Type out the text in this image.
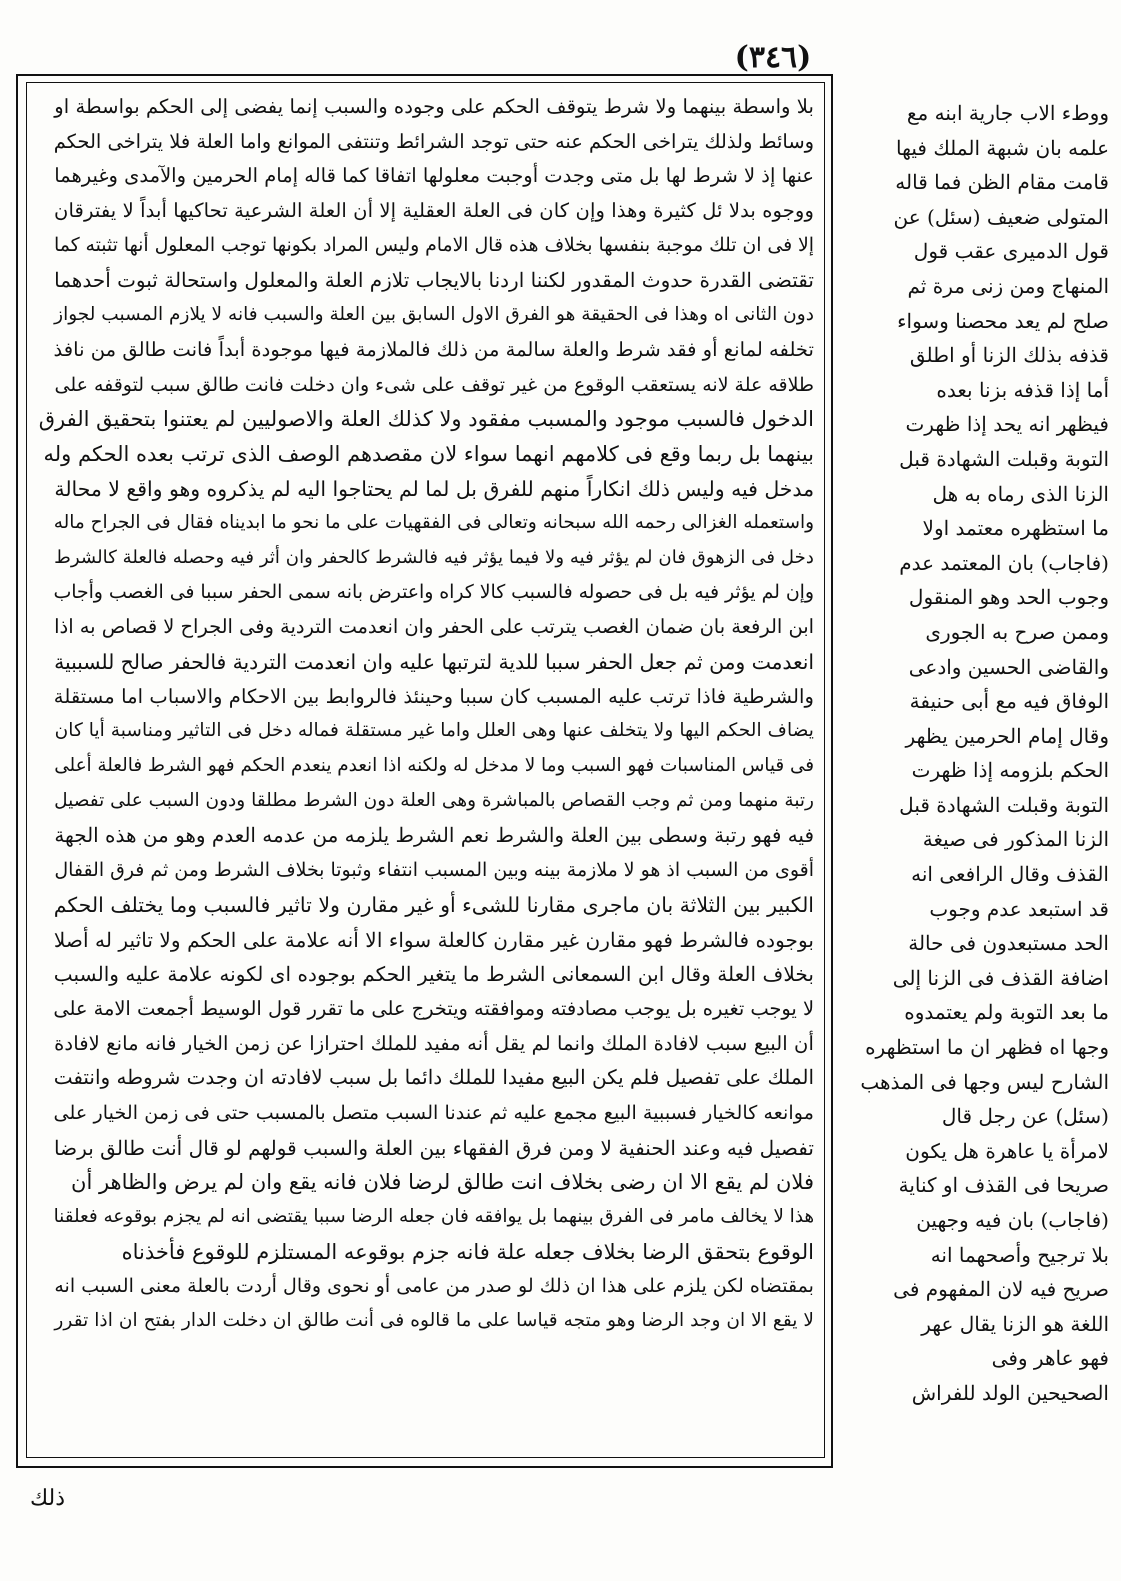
(٣٤٦)
بلا واسطة بينهما ولا شرط يتوقف الحكم على وجوده والسبب إنما يفضى إلى الحكم بواسطة او
وسائط ولذلك يتراخى الحكم عنه حتى توجد الشرائط وتنتفى الموانع واما العلة فلا يتراخى الحكم
عنها إذ لا شرط لها بل متى وجدت أوجبت معلولها اتفاقا كما قاله إمام الحرمين والآمدى وغيرهما
ووجوه بدلا ئل كثيرة وهذا وإن كان فى العلة العقلية إلا أن العلة الشرعية تحاكيها أبداً لا يفترقان
إلا فى ان تلك موجبة بنفسها بخلاف هذه قال الامام وليس المراد بكونها توجب المعلول أنها تثبته كما
تقتضى القدرة حدوث المقدور لكننا اردنا بالايجاب تلازم العلة والمعلول واستحالة ثبوت أحدهما
دون الثانى اه وهذا فى الحقيقة هو الفرق الاول السابق بين العلة والسبب فانه لا يلازم المسبب لجواز
تخلفه لمانع أو فقد شرط والعلة سالمة من ذلك فالملازمة فيها موجودة أبداً فانت طالق من نافذ
طلاقه علة لانه يستعقب الوقوع من غير توقف على شىء وان دخلت فانت طالق سبب لتوقفه على
الدخول فالسبب موجود والمسبب مفقود ولا كذلك العلة والاصوليين لم يعتنوا بتحقيق الفرق
بينهما بل ربما وقع فى كلامهم انهما سواء لان مقصدهم الوصف الذى ترتب بعده الحكم وله
مدخل فيه وليس ذلك انكاراً منهم للفرق بل لما لم يحتاجوا اليه لم يذكروه وهو واقع لا محالة
واستعمله الغزالى رحمه الله سبحانه وتعالى فى الفقهيات على ما نحو ما ابديناه فقال فى الجراح ماله
دخل فى الزهوق فان لم يؤثر فيه ولا فيما يؤثر فيه فالشرط كالحفر وان أثر فيه وحصله فالعلة كالشرط
وإن لم يؤثر فيه بل فى حصوله فالسبب كالا كراه واعترض بانه سمى الحفر سببا فى الغصب وأجاب
ابن الرفعة بان ضمان الغصب يترتب على الحفر وان انعدمت التردية وفى الجراح لا قصاص به اذا
انعدمت ومن ثم جعل الحفر سببا للدية لترتبها عليه وان انعدمت التردية فالحفر صالح للسببية
والشرطية فاذا ترتب عليه المسبب كان سببا وحينئذ فالروابط بين الاحكام والاسباب اما مستقلة
يضاف الحكم اليها ولا يتخلف عنها وهى العلل واما غير مستقلة فماله دخل فى التاثير ومناسبة أيا كان
فى قياس المناسبات فهو السبب وما لا مدخل له ولكنه اذا انعدم ينعدم الحكم فهو الشرط فالعلة أعلى
رتبة منهما ومن ثم وجب القصاص بالمباشرة وهى العلة دون الشرط مطلقا ودون السبب على تفصيل
فيه فهو رتبة وسطى بين العلة والشرط نعم الشرط يلزمه من عدمه العدم وهو من هذه الجهة
أقوى من السبب اذ هو لا ملازمة بينه وبين المسبب انتفاء وثبوتا بخلاف الشرط ومن ثم فرق القفال
الكبير بين الثلاثة بان ماجرى مقارنا للشىء أو غير مقارن ولا تاثير فالسبب وما يختلف الحكم
بوجوده فالشرط فهو مقارن غير مقارن كالعلة سواء الا أنه علامة على الحكم ولا تاثير له أصلا
بخلاف العلة وقال ابن السمعانى الشرط ما يتغير الحكم بوجوده اى لكونه علامة عليه والسبب
لا يوجب تغيره بل يوجب مصادفته وموافقته ويتخرج على ما تقرر قول الوسيط أجمعت الامة على
أن البيع سبب لافادة الملك وانما لم يقل أنه مفيد للملك احترازا عن زمن الخيار فانه مانع لافادة
الملك على تفصيل فلم يكن البيع مفيدا للملك دائما بل سبب لافادته ان وجدت شروطه وانتفت
موانعه كالخيار فسببية البيع مجمع عليه ثم عندنا السبب متصل بالمسبب حتى فى زمن الخيار على
تفصيل فيه وعند الحنفية لا ومن فرق الفقهاء بين العلة والسبب قولهم لو قال أنت طالق برضا
فلان لم يقع الا ان رضى بخلاف انت طالق لرضا فلان فانه يقع وان لم يرض والظاهر أن
هذا لا يخالف مامر فى الفرق بينهما بل يوافقه فان جعله الرضا سببا يقتضى انه لم يجزم بوقوعه فعلقنا
الوقوع بتحقق الرضا بخلاف جعله علة فانه جزم بوقوعه المستلزم للوقوع فأخذناه
بمقتضاه لكن يلزم على هذا ان ذلك لو صدر من عامى أو نحوى وقال أردت بالعلة معنى السبب انه
لا يقع الا ان وجد الرضا وهو متجه قياسا على ما قالوه فى أنت طالق ان دخلت الدار بفتح ان اذا تقرر
ووطء الاب جارية ابنه مع
علمه بان شبهة الملك فيها
قامت مقام الظن فما قاله
المتولى ضعيف (سئل) عن
قول الدميرى عقب قول
المنهاج ومن زنى مرة ثم
صلح لم يعد محصنا وسواء
قذفه بذلك الزنا أو اطلق
أما إذا قذفه بزنا بعده
فيظهر انه يحد إذا ظهرت
التوبة وقبلت الشهادة قبل
الزنا الذى رماه به هل
ما استظهره معتمد اولا
(فاجاب) بان المعتمد عدم
وجوب الحد وهو المنقول
وممن صرح به الجورى
والقاضى الحسين وادعى
الوفاق فيه مع أبى حنيفة
وقال إمام الحرمين يظهر
الحكم بلزومه إذا ظهرت
التوبة وقبلت الشهادة قبل
الزنا المذكور فى صيغة
القذف وقال الرافعى انه
قد استبعد عدم وجوب
الحد مستبعدون فى حالة
اضافة القذف فى الزنا إلى
ما بعد التوبة ولم يعتمدوه
وجها اه فظهر ان ما استظهره
الشارح ليس وجها فى المذهب
(سئل) عن رجل قال
لامرأة يا عاهرة هل يكون
صريحا فى القذف او كناية
(فاجاب) بان فيه وجهين
بلا ترجيح وأصحهما انه
صريح فيه لان المفهوم فى
اللغة هو الزنا يقال عهر
فهو عاهر وفى
الصحيحين الولد للفراش
ذلك
